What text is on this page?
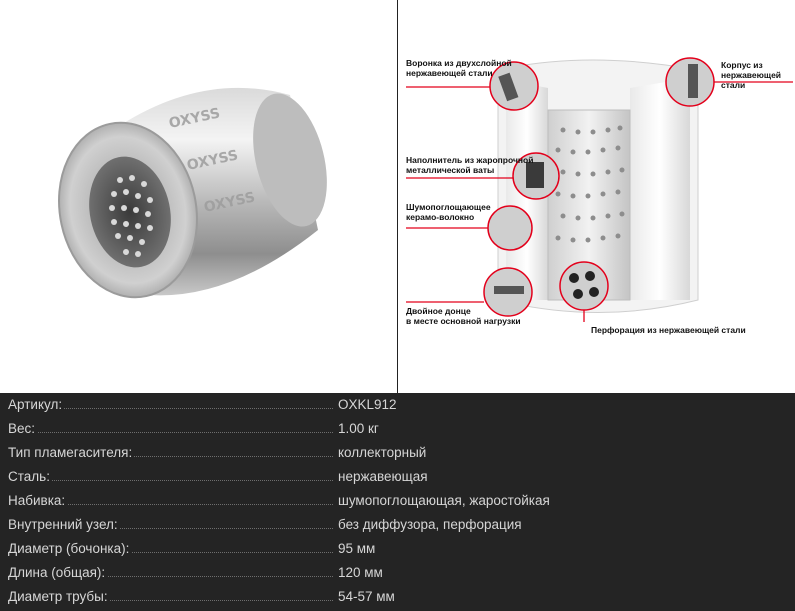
OXYSS
OXYSS
OXYSS
Воронка из двухслойной
нержавеющей стали
Корпус из
нержавеющей стали
Наполнитель из жаропрочной
металлической ваты
Шумопоглощающее
керамо-волокно
Двойное донце
в месте основной нагрузки
Перфорация из нержавеющей стали
Артикул:	OXKL912
Вес:	1.00 кг
Тип пламегасителя:	коллекторный
Сталь:	нержавеющая
Набивка:	шумопоглощающая, жаростойкая
Внутренний узел:	без диффузора, перфорация
Диаметр (бочонка):	95 мм
Длина (общая):	120 мм
Диаметр трубы:	54-57 мм
